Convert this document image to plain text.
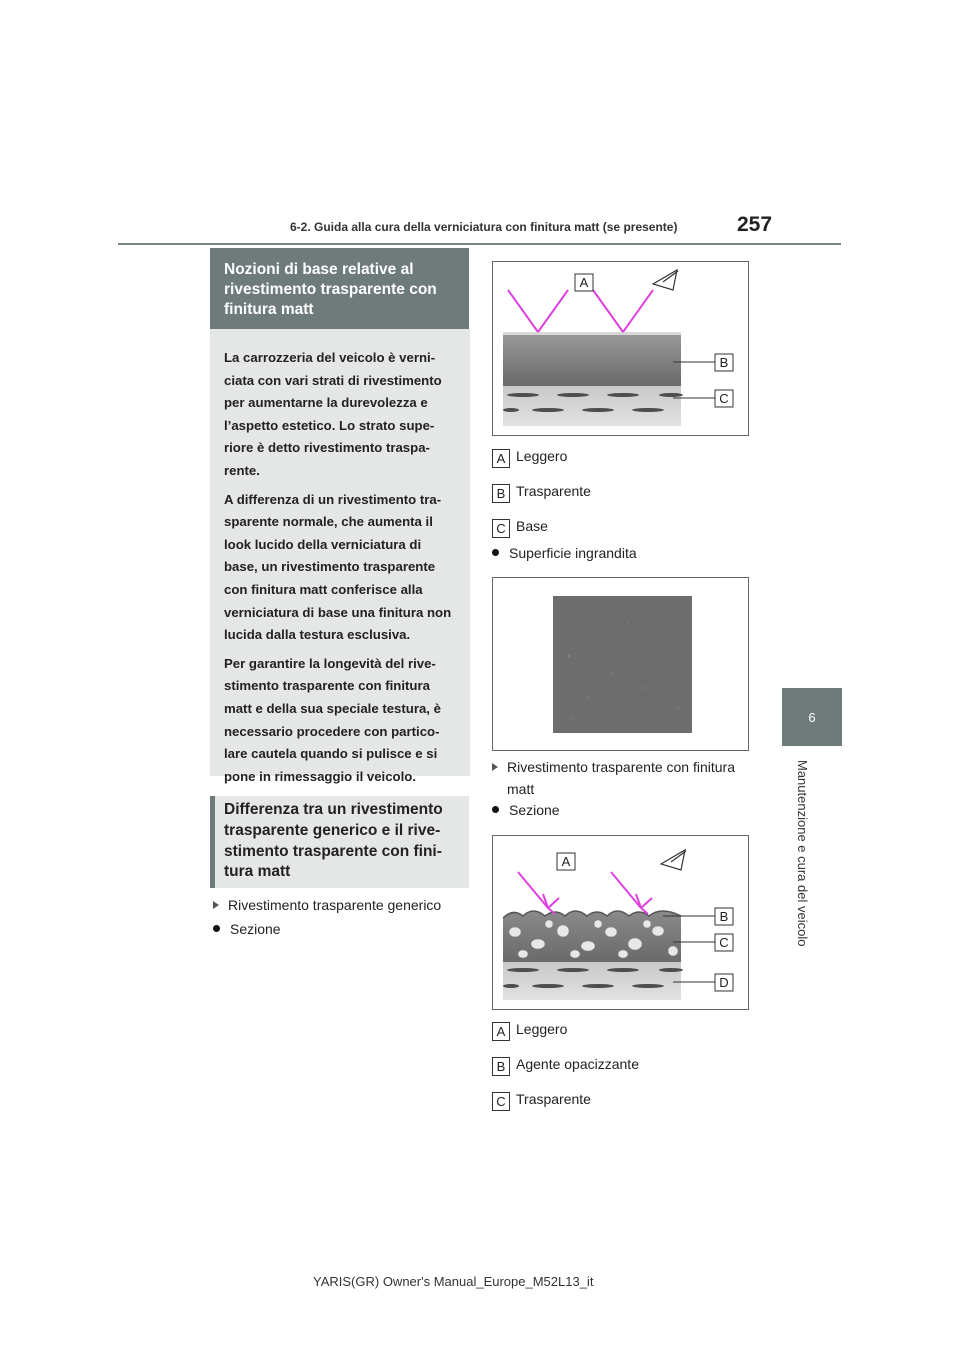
6-2. Guida alla cura della verniciatura con finitura matt (se presente)	257
6
Manutenzione e cura del veicolo
Nozioni di base relative al rivestimento trasparente con finitura matt

La carrozzeria del veicolo è verni-ciata con vari strati di rivestimento per aumentarne la durevolezza e l’aspetto estetico. Lo strato supe-riore è detto rivestimento traspa-rente.

A differenza di un rivestimento tra-sparente normale, che aumenta il look lucido della verniciatura di base, un rivestimento trasparente con finitura matt conferisce alla verniciatura di base una finitura non lucida dalla testura esclusiva.

Per garantire la longevità del rive-stimento trasparente con finitura matt e della sua speciale testura, è necessario procedere con partico-lare cautela quando si pulisce e si pone in rimessaggio il veicolo.

Differenza tra un rivestimento trasparente generico e il rive-stimento trasparente con fini-tura matt
Rivestimento trasparente generico
Sezione
A
B
C
A Leggero
B Trasparente
C Base
Superficie ingrandita
Rivestimento trasparente con finitura matt
Sezione
A
B
C
D
A Leggero
B Agente opacizzante
C Trasparente
YARIS(GR) Owner's Manual_Europe_M52L13_it
